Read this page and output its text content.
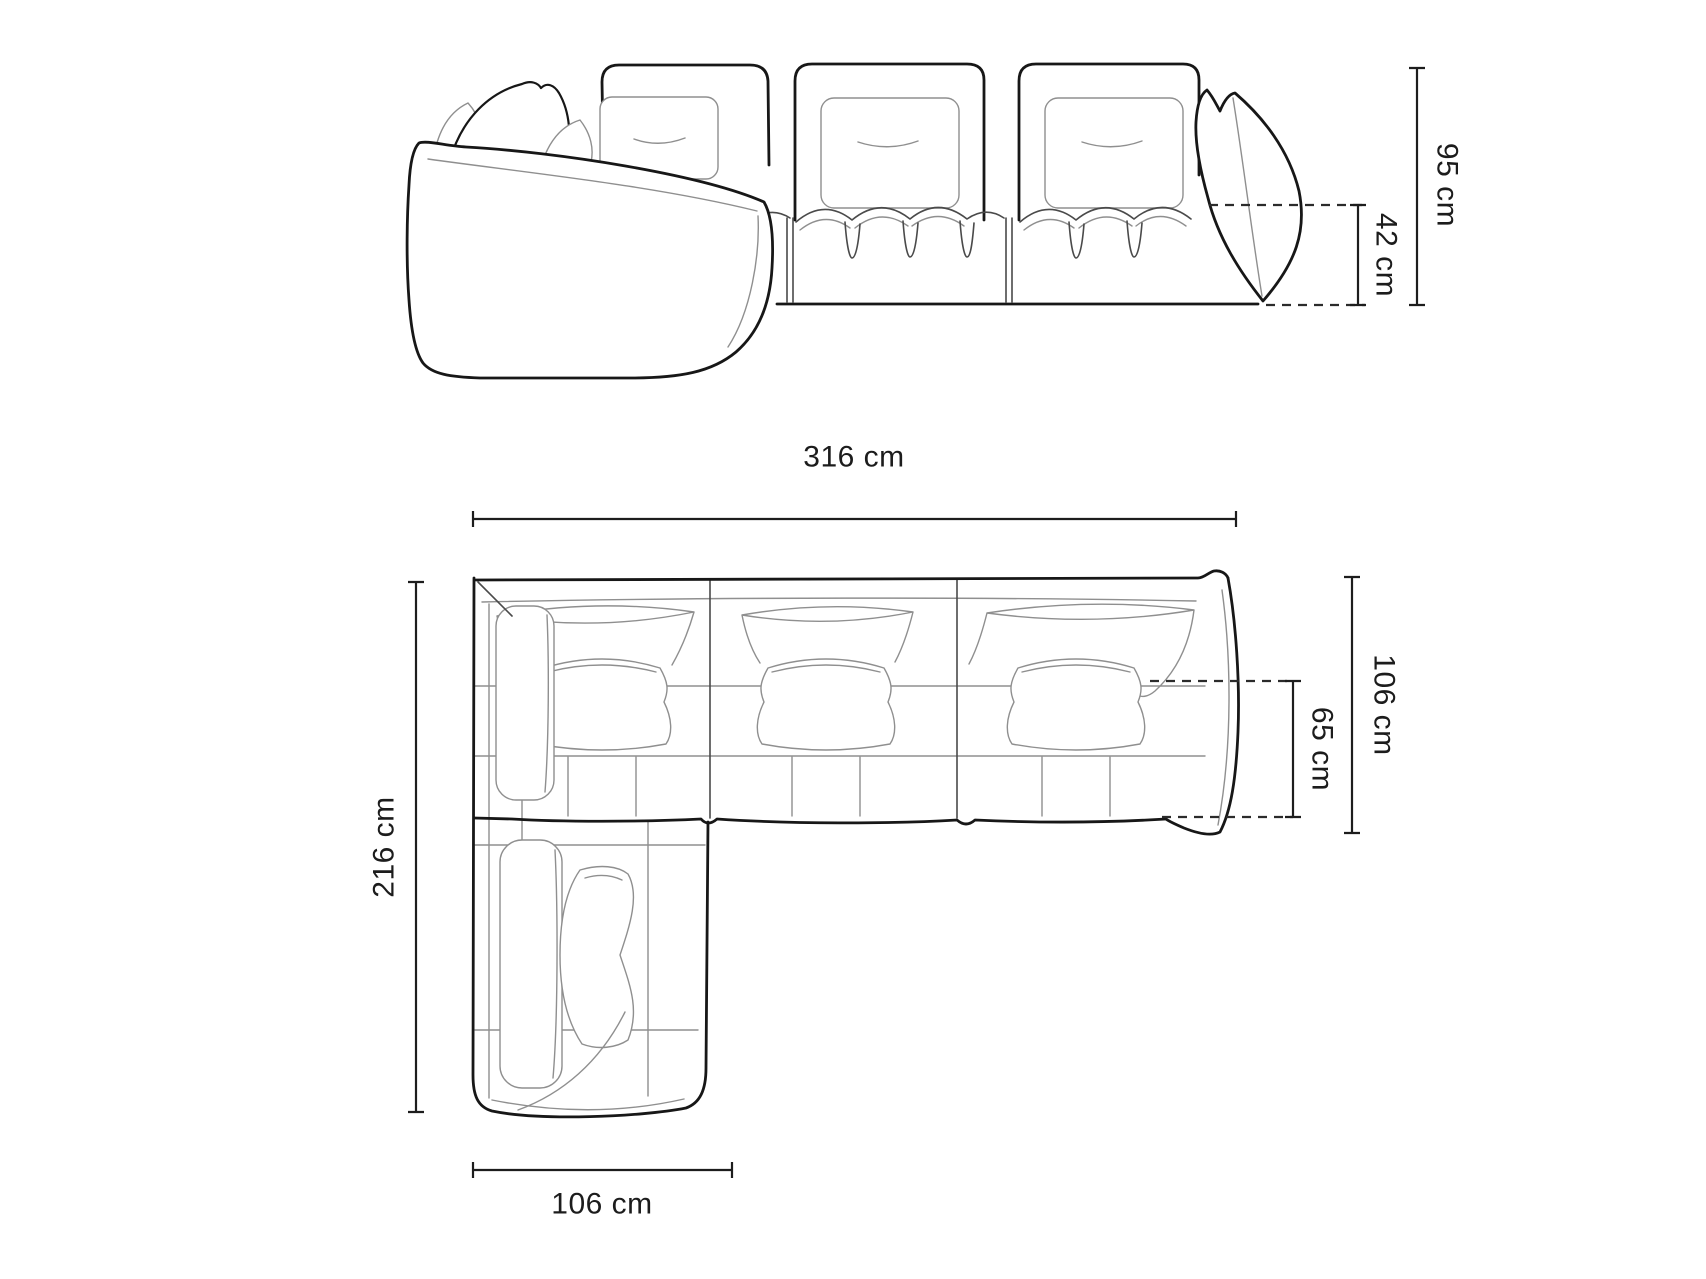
95 cm
42 cm
316 cm
216 cm
106 cm
65 cm
106 cm
